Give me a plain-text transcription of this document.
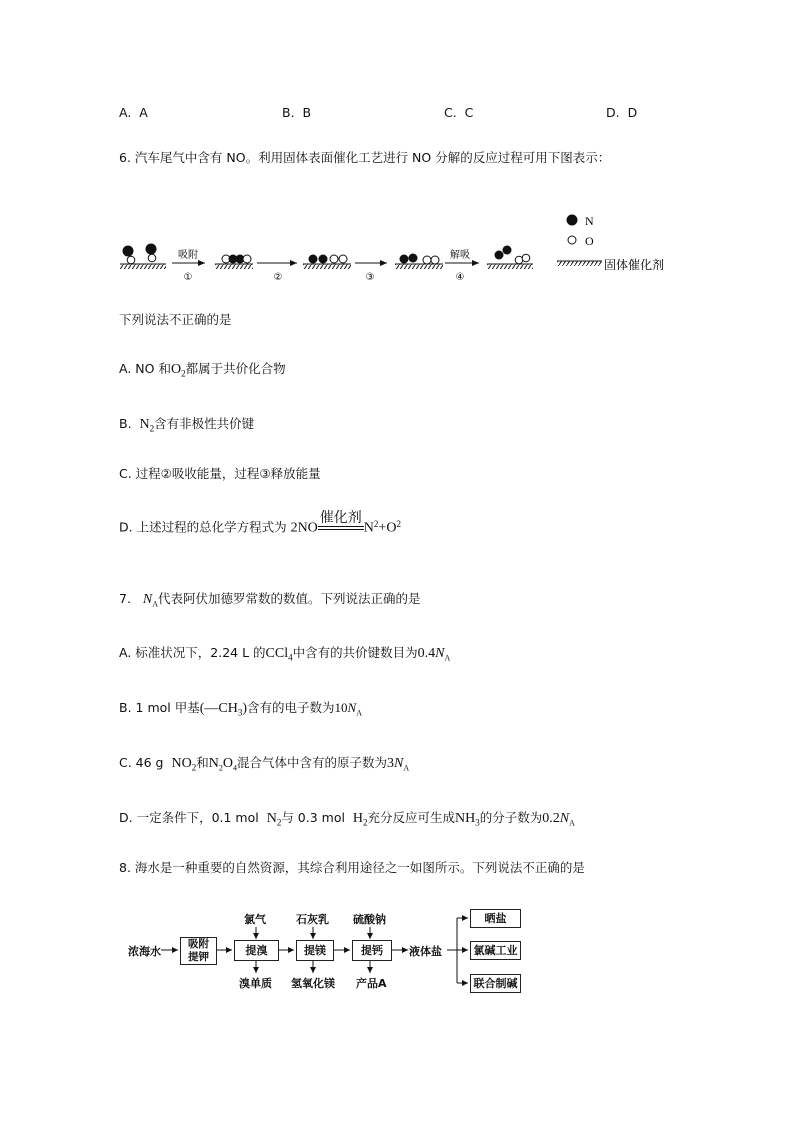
A. A	B. B	C. C	D. D
6. 汽车尾气中含有 NO。利用固体表面催化工艺进行 NO 分解的反应过程可用下图表示：
吸附
①	②	③
解吸
④
N
O
固体催化剂
下列说法不正确的是
A. NO 和$O_2$都属于共价化合物
B. $N_2$含有非极性共价键
C. 过程②吸收能量，过程③释放能量
D. 上述过程的总化学方程式为 2NO
催化剂
$N_2+O_2$
7. $N_A$代表阿伏加德罗常数的数值。下列说法正确的是
A. 标准状况下，2.24 L 的CCl$_4$中含有的共价键数目为$0.4N_A$
B. 1 mol 甲基$(—CH_3)$含有的电子数为$10N_A$
C. 46 g $NO_2$和$N_2O_4$混合气体中含有的原子数为$3N_A$
D. 一定条件下，0.1 mol $N_2$与 0.3 mol $H_2$充分反应可生成$NH_3$的分子数为$0.2N_A$
8. 海水是一种重要的自然资源，其综合利用途径之一如图所示。下列说法不正确的是
浓海水
吸附
提钾	提溴	提镁	提钙	液体盐
氯气	石灰乳 硫酸钠
溴单质 氢氧化镁 产品A
晒盐
氯碱工业
联合制碱
